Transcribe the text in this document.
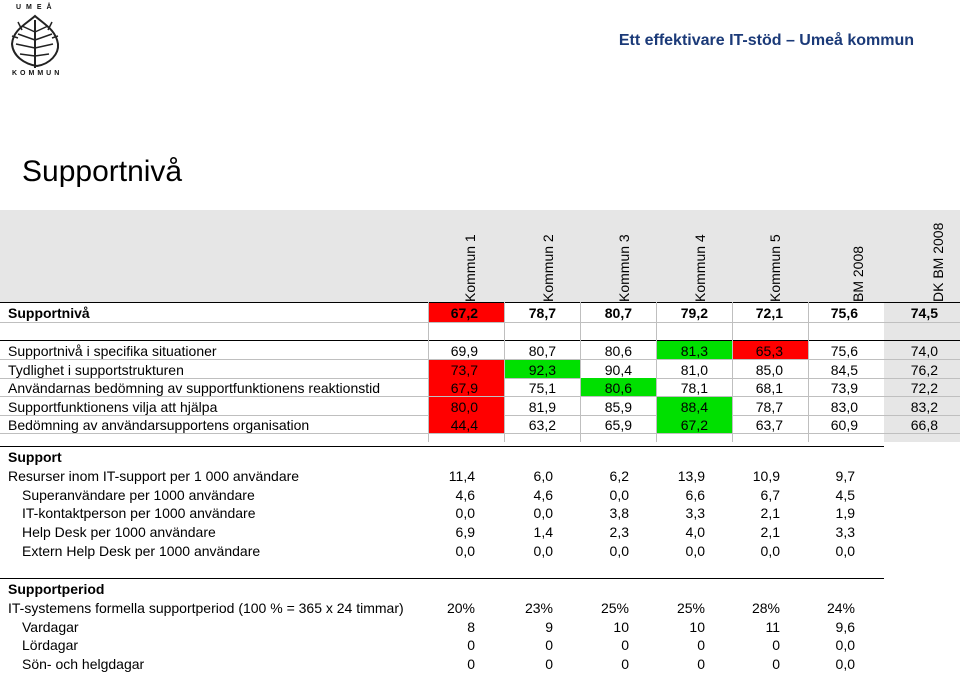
UMEÅ
KOMMUN
Ett effektivare IT-stöd – Umeå kommun
Supportnivå
Kommun 1	Kommun 2	Kommun 3	Kommun 4	Kommun 5	BM 2008	DK BM 2008
Supportnivå	67,2	78,7	80,7	79,2	72,1	75,6	74,5
Supportnivå i specifika situationer	69,9	80,7	80,6	81,3	65,3	75,6	74,0
Tydlighet i supportstrukturen	73,7	92,3	90,4	81,0	85,0	84,5	76,2
Användarnas bedömning av supportfunktionens reaktionstid	67,9	75,1	80,6	78,1	68,1	73,9	72,2
Supportfunktionens vilja att hjälpa	80,0	81,9	85,9	88,4	78,7	83,0	83,2
Bedömning av användarsupportens organisation	44,4	63,2	65,9	67,2	63,7	60,9	66,8
Support
Resurser inom IT-support per 1 000 användare	11,4	6,0	6,2	13,9	10,9	9,7
Superanvändare per 1000 användare	4,6	4,6	0,0	6,6	6,7	4,5
IT-kontaktperson per 1000 användare	0,0	0,0	3,8	3,3	2,1	1,9
Help Desk per 1000 användare	6,9	1,4	2,3	4,0	2,1	3,3
Extern Help Desk per 1000 användare	0,0	0,0	0,0	0,0	0,0	0,0
Supportperiod
IT-systemens formella supportperiod (100 % = 365 x 24 timmar)	20%	23%	25%	25%	28%	24%
Vardagar	8	9	10	10	11	9,6
Lördagar	0	0	0	0	0	0,0
Sön- och helgdagar	0	0	0	0	0	0,0
